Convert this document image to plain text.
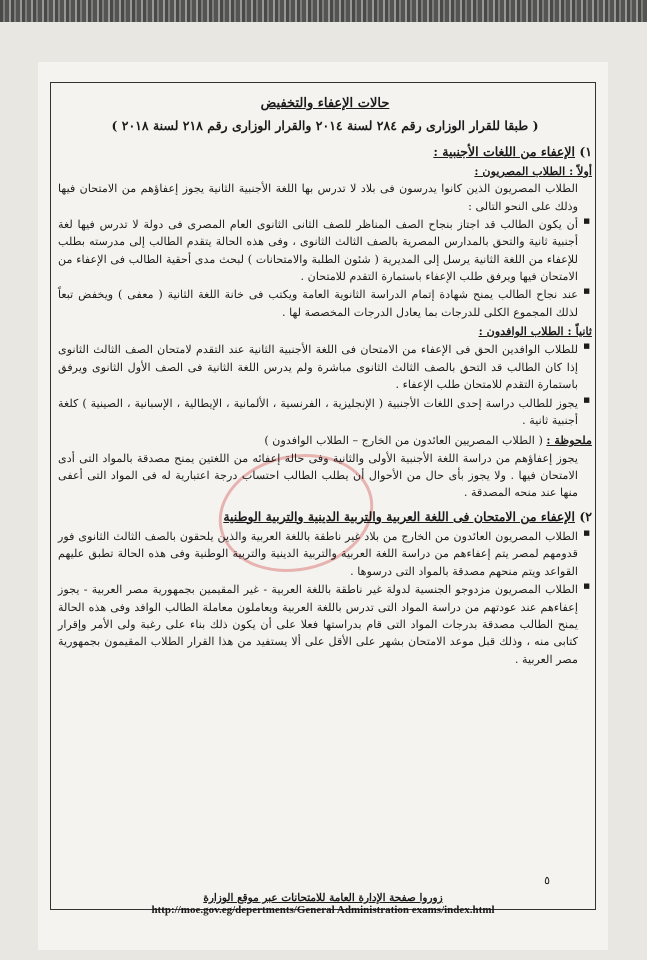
حالات الإعفاء والتخفيض
( طبقا للقرار الوزارى رقم ٢٨٤ لسنة ٢٠١٤ والقرار الوزارى رقم ٢١٨ لسنة ٢٠١٨ )
١) الإعفاء من اللغات الأجنبية :
أولاً : الطلاب المصريون :

الطلاب المصريون الذين كانوا يدرسون فى بلاد لا تدرس بها اللغة الأجنبية الثانية يجوز إعفاؤهم من الامتحان فيها وذلك على النحو التالى :

■ أن يكون الطالب قد اجتاز بنجاح الصف المناظر للصف الثانى الثانوى العام المصرى فى دولة لا تدرس فيها لغة أجنبية ثانية والتحق بالمدارس المصرية بالصف الثالث الثانوى ، وفى هذه الحالة يتقدم الطالب إلى مدرسته بطلب للإعفاء من اللغة الثانية يرسل إلى المديرية ( شئون الطلبة والامتحانات ) لبحث مدى أحقية الطالب فى الإعفاء من الامتحان فيها ويرفق طلب الإعفاء باستمارة التقدم للامتحان .
■ عند نجاح الطالب يمنح شهادة إتمام الدراسة الثانوية العامة ويكتب فى خانة اللغة الثانية ( معفى ) ويخفض تبعاً لذلك المجموع الكلى للدرجات بما يعادل الدرجات المخصصة لها .
ثانياً : الطلاب الوافدون :
■ للطلاب الوافدين الحق فى الإعفاء من الامتحان فى اللغة الأجنبية الثانية عند التقدم لامتحان الصف الثالث الثانوى إذا كان الطالب قد التحق بالصف الثالث الثانوى مباشرة ولم يدرس اللغة الثانية فى الصف الأول الثانوى ويرفق باستمارة التقدم للامتحان طلب الإعفاء .
■ يجوز للطالب دراسة إحدى اللغات الأجنبية ( الإنجليزية ، الفرنسية ، الألمانية ، الإيطالية ، الإسبانية ، الصينية ) كلغة أجنبية ثانية .
ملحوظة : ( الطلاب المصريين العائدون من الخارج – الطلاب الوافدون )

يجوز إعفاؤهم من دراسة اللغة الأجنبية الأولى والثانية وفى حالة إعفائه من اللغتين يمنح مصدقة بالمواد التى أدى الامتحان فيها . ولا يجوز بأى حال من الأحوال أن يطلب الطالب احتساب درجة اعتبارية له فى المواد التى أعفى منها عند منحه المصدقة .

٢) الإعفاء من الامتحان فى اللغة العربية والتربية الدينية والتربية الوطنية
■ الطلاب المصريون العائدون من الخارج من بلاد غير ناطقة باللغة العربية والذين يلحقون بالصف الثالث الثانوى فور قدومهم لمصر يتم إعفاءهم من دراسة اللغة العربية والتربية الدينية والتربية الوطنية وفى هذه الحالة تطبق عليهم القواعد ويتم منحهم مصدقة بالمواد التى درسوها .
■ الطلاب المصريون مزدوجو الجنسية لدولة غير ناطقة باللغة العربية - غير المقيمين بجمهورية مصر العربية - يجوز إعفاءهم عند عودتهم من دراسة المواد التى تدرس باللغة العربية ويعاملون معاملة الطالب الوافد وفى هذه الحالة يمنح الطالب مصدقة بدرجات المواد التى قام بدراستها فعلا على أن يكون ذلك بناء على رغبة ولى الأمر وإقرار كتابى منه ، وذلك قبل موعد الامتحان بشهر على الأقل على ألا يستفيد من هذا القرار الطلاب المقيمون بجمهورية مصر العربية .
٥
زوروا صفحة الإدارة العامة للامتحانات عبر موقع الوزارة
http://moe.gov.eg/depertments/General Administration exams/index.html
